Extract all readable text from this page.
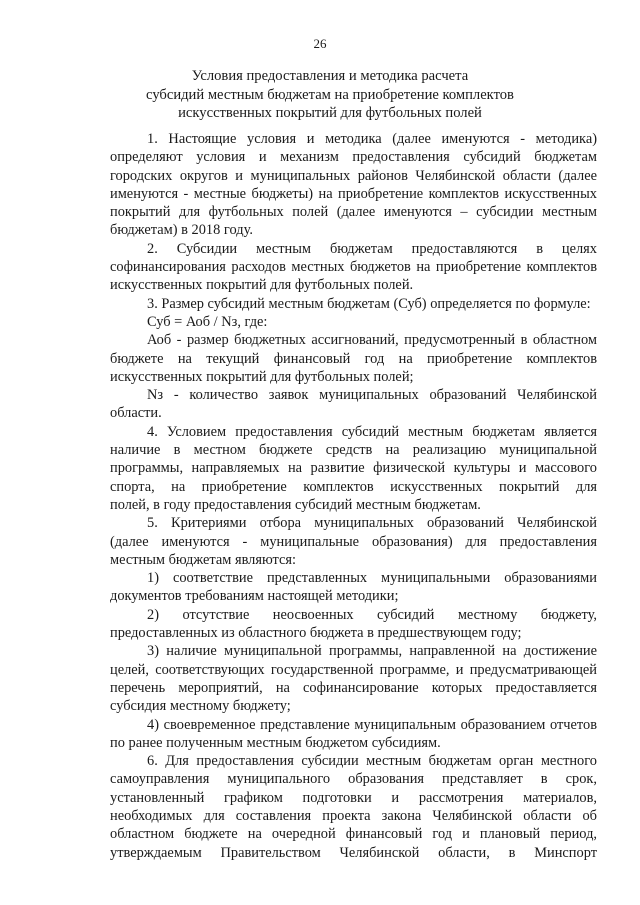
26
Условия предоставления и методика расчета
субсидий местным бюджетам на приобретение комплектов
искусственных покрытий для футбольных полей
1. Настоящие условия и методика (далее именуются - методика)
определяют условия и механизм предоставления субсидий бюджетам
городских округов и муниципальных районов Челябинской области (далее
именуются - местные бюджеты) на приобретение комплектов искусственных
покрытий для футбольных полей (далее именуются – субсидии местным
бюджетам) в 2018 году.
2. Субсидии местным бюджетам предоставляются в целях
софинансирования расходов местных бюджетов на приобретение комплектов
искусственных покрытий для футбольных полей.
3. Размер субсидий местным бюджетам (Суб) определяется по формуле:
Суб = Аоб / Nз, где:
Аоб - размер бюджетных ассигнований, предусмотренный в областном
бюджете на текущий финансовый год на приобретение комплектов
искусственных покрытий для футбольных полей;
Nз - количество заявок муниципальных образований Челябинской
области.
4. Условием предоставления субсидий местным бюджетам является
наличие в местном бюджете средств на реализацию муниципальной
программы, направляемых на развитие физической культуры и массового
спорта, на приобретение комплектов искусственных покрытий для
полей, в году предоставления субсидий местным бюджетам.
5. Критериями отбора муниципальных образований Челябинской
(далее именуются - муниципальные образования) для предоставления
местным бюджетам являются:
1) соответствие представленных муниципальными образованиями
документов требованиям настоящей методики;
2) отсутствие неосвоенных субсидий местному бюджету,
предоставленных из областного бюджета в предшествующем году;
3) наличие муниципальной программы, направленной на достижение
целей, соответствующих государственной программе, и предусматривающей
перечень мероприятий, на софинансирование которых предоставляется
субсидия местному бюджету;
4) своевременное представление муниципальным образованием отчетов
по ранее полученным местным бюджетом субсидиям.
6. Для предоставления субсидии местным бюджетам орган местного
самоуправления муниципального образования представляет в срок,
установленный графиком подготовки и рассмотрения материалов,
необходимых для составления проекта закона Челябинской области об
областном бюджете на очередной финансовый год и плановый период,
утверждаемым Правительством Челябинской области, в Минспорт
